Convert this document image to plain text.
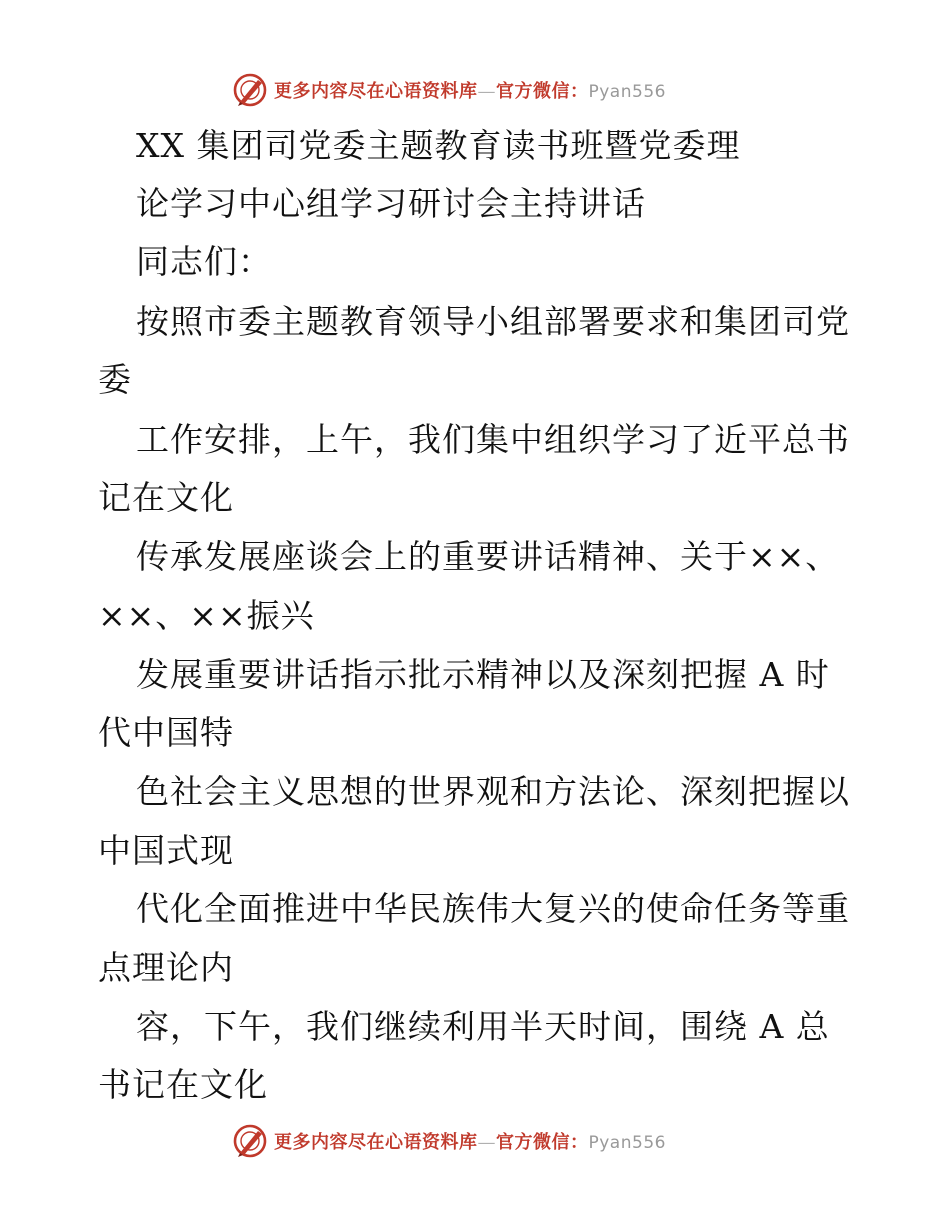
更多内容尽在心语资料库—官方微信：Pyan556
XX 集团司党委主题教育读书班暨党委理
论学习中心组学习研讨会主持讲话
同志们：
按照市委主题教育领导小组部署要求和集团司党
委
工作安排，上午，我们集中组织学习了近平总书
记在文化
传承发展座谈会上的重要讲话精神、关于××、
××、××振兴
发展重要讲话指示批示精神以及深刻把握 A 时
代中国特
色社会主义思想的世界观和方法论、深刻把握以
中国式现
代化全面推进中华民族伟大复兴的使命任务等重
点理论内
容，下午，我们继续利用半天时间，围绕 A 总
书记在文化
更多内容尽在心语资料库—官方微信：Pyan556
